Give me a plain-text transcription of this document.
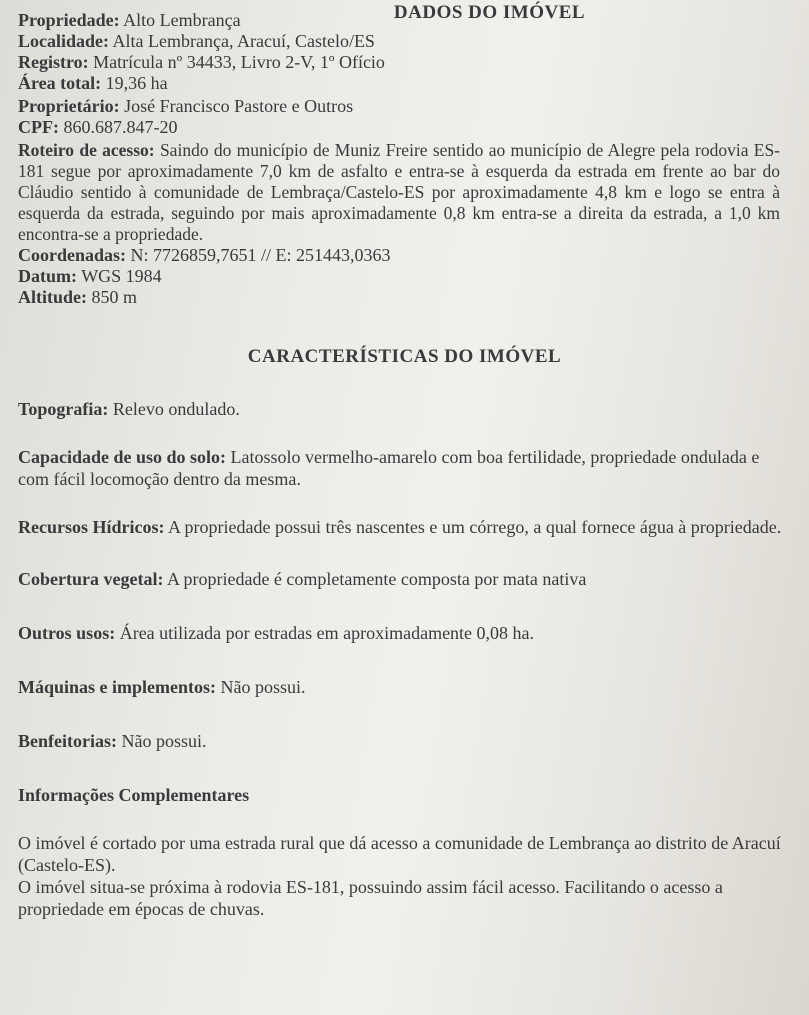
DADOS DO IMÓVEL

Propriedade: Alto Lembrança

Localidade: Alta Lembrança, Aracuí, Castelo/ES

Registro: Matrícula nº 34433, Livro 2-V, 1º Ofício

Área total: 19,36 ha

Proprietário: José Francisco Pastore e Outros

CPF: 860.687.847-20

Roteiro de acesso: Saindo do município de Muniz Freire sentido ao município de Alegre pela rodovia ES-181 segue por aproximadamente 7,0 km de asfalto e entra-se à esquerda da estrada em frente ao bar do Cláudio sentido à comunidade de Lembraça/Castelo-ES por aproximadamente 4,8 km e logo se entra à esquerda da estrada, seguindo por mais aproximadamente 0,8 km entra-se a direita da estrada, a 1,0 km encontra-se a propriedade.

Coordenadas: N: 7726859,7651 // E: 251443,0363

Datum: WGS 1984

Altitude: 850 m

CARACTERÍSTICAS DO IMÓVEL

Topografia: Relevo ondulado.

Capacidade de uso do solo: Latossolo vermelho-amarelo com boa fertilidade, propriedade ondulada e com fácil locomoção dentro da mesma.

Recursos Hídricos: A propriedade possui três nascentes e um córrego, a qual fornece água à propriedade.

Cobertura vegetal: A propriedade é completamente composta por mata nativa

Outros usos: Área utilizada por estradas em aproximadamente 0,08 ha.

Máquinas e implementos: Não possui.

Benfeitorias: Não possui.

Informações Complementares

O imóvel é cortado por uma estrada rural que dá acesso a comunidade de Lembrança ao distrito de Aracuí (Castelo-ES).

O imóvel situa-se próxima à rodovia ES-181, possuindo assim fácil acesso. Facilitando o acesso a propriedade em épocas de chuvas.
